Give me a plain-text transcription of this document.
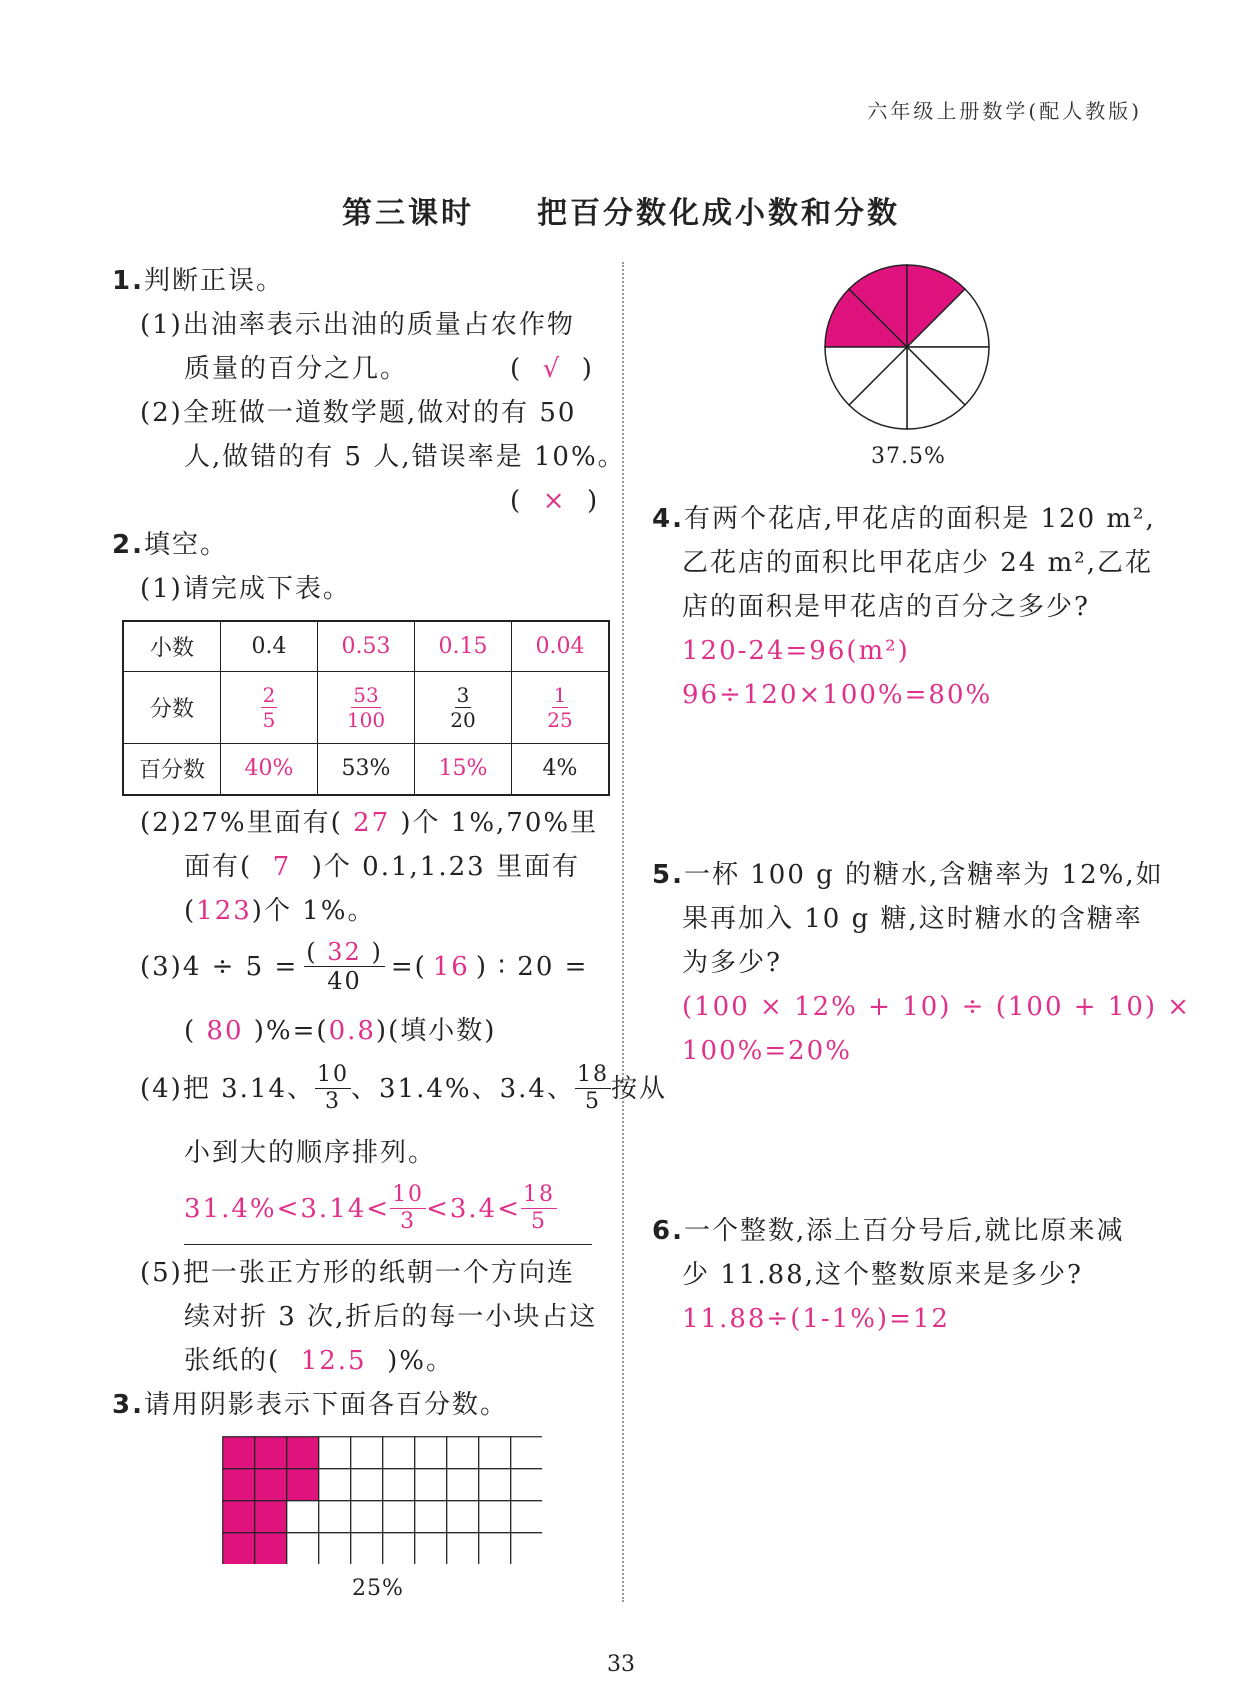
六年级上册数学(配人教版)
第三课时 把百分数化成小数和分数
1.判断正误。
(1)出油率表示出油的质量占农作物
质量的百分之几。	(  √  )
(2)全班做一道数学题,做对的有 50
人,做错的有 5 人,错误率是 10%。
(  ×  )
2.填空。
(1)请完成下表。
小数	0.4	0.53	0.15	0.04
分数	$\frac{2}{5}$	$\frac{53}{100}$	$\frac{3}{20}$	$\frac{1}{25}$

百分数	40%	53%	15%	4%
(2)27%里面有( 27 )个 1%,70%里
面有( 7 )个 0.1,1.23 里面有
(123)个 1%。
$(3)4 \div 5 = \frac{( 32 )}{40}$ =( 16 ) ∶ 20 =
( 80 )%=(0.8)(填小数)
(4)把 3.14、 $\frac{10}{3}$ 、31.4%、3.4、 $\frac{18}{5}$ 按从
小到大的顺序排列。
$31.4\%<3.14< \frac{10}{3} <3.4< \frac{18}{5}$
(5)把一张正方形的纸朝一个方向连
续对折 3 次,折后的每一小块占这
张纸的( 12.5 )%。
3.请用阴影表示下面各百分数。
25%
37.5%
4.有两个花店,甲花店的面积是 120 m²,
乙花店的面积比甲花店少 24 m²,乙花
店的面积是甲花店的百分之多少?
120-24=96(m²)
96÷120×100%=80%
5.一杯 100 g 的糖水,含糖率为 12%,如
果再加入 10 g 糖,这时糖水的含糖率
为多少?
(100 × 12% + 10) ÷ (100 + 10) ×
100%=20%
6.一个整数,添上百分号后,就比原来减
少 11.88,这个整数原来是多少?
11.88÷(1-1%)=12
33
